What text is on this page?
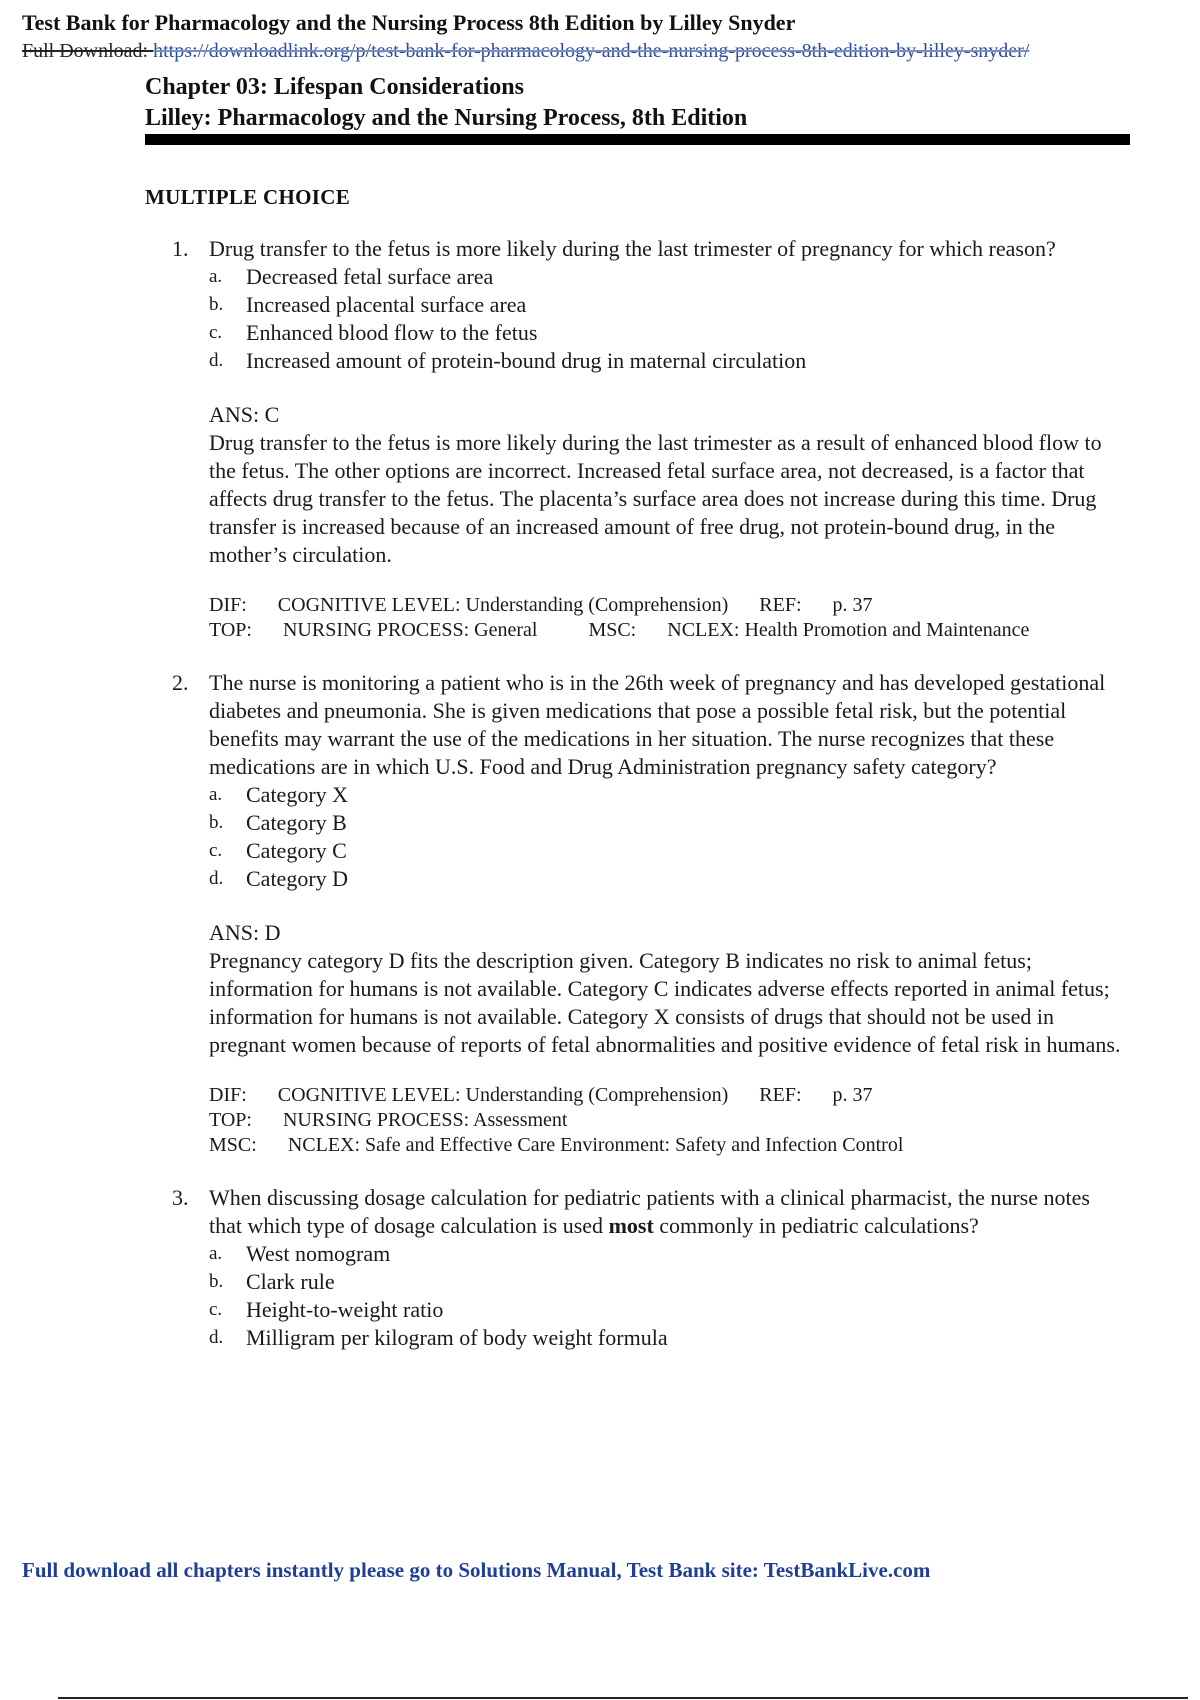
Test Bank for Pharmacology and the Nursing Process 8th Edition by Lilley Snyder
Full Download: https://downloadlink.org/p/test-bank-for-pharmacology-and-the-nursing-process-8th-edition-by-lilley-snyder/
Chapter 03: Lifespan Considerations
Lilley: Pharmacology and the Nursing Process, 8th Edition
MULTIPLE CHOICE
1. Drug transfer to the fetus is more likely during the last trimester of pregnancy for which reason?

a. Decreased fetal surface area
b. Increased placental surface area
c. Enhanced blood flow to the fetus
d. Increased amount of protein-bound drug in maternal circulation
ANS: C

Drug transfer to the fetus is more likely during the last trimester as a result of enhanced blood flow to the fetus. The other options are incorrect. Increased fetal surface area, not decreased, is a factor that affects drug transfer to the fetus. The placenta’s surface area does not increase during this time. Drug transfer is increased because of an increased amount of free drug, not protein-bound drug, in the mother’s circulation.

DIF: COGNITIVE LEVEL: Understanding (Comprehension) REF: p. 37
TOP: NURSING PROCESS: General	MSC: NCLEX: Health Promotion and Maintenance
2. The nurse is monitoring a patient who is in the 26th week of pregnancy and has developed gestational diabetes and pneumonia. She is given medications that pose a possible fetal risk, but the potential benefits may warrant the use of the medications in her situation. The nurse recognizes that these medications are in which U.S. Food and Drug Administration pregnancy safety category?

a. Category X
b. Category B
c. Category C
d. Category D
ANS: D

Pregnancy category D fits the description given. Category B indicates no risk to animal fetus; information for humans is not available. Category C indicates adverse effects reported in animal fetus; information for humans is not available. Category X consists of drugs that should not be used in pregnant women because of reports of fetal abnormalities and positive evidence of fetal risk in humans.

DIF: COGNITIVE LEVEL: Understanding (Comprehension) REF: p. 37
TOP: NURSING PROCESS: Assessment
MSC: NCLEX: Safe and Effective Care Environment: Safety and Infection Control
3. When discussing dosage calculation for pediatric patients with a clinical pharmacist, the nurse notes that which type of dosage calculation is used most commonly in pediatric calculations?

a. West nomogram
b. Clark rule
c. Height-to-weight ratio
d. Milligram per kilogram of body weight formula
Full download all chapters instantly please go to Solutions Manual, Test Bank site: TestBankLive.com
